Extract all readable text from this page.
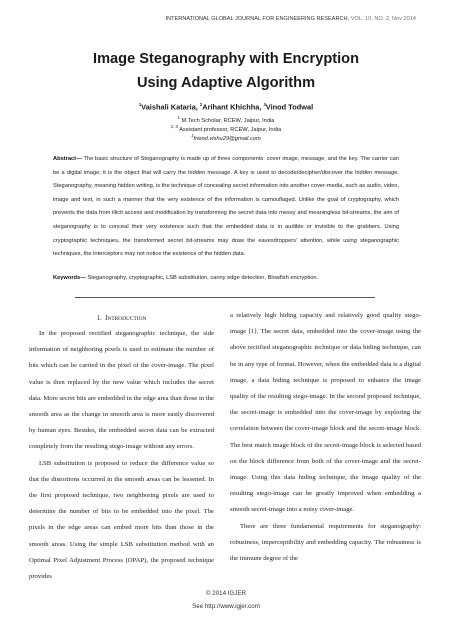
INTERNATIONAL GLOBAL JOURNAL FOR ENGINEERING RESEARCH, VOL. 10, NO. 2, Nov 2014
Image Steganography with Encryption
Using Adaptive Algorithm
$^1$Vaishali Kataria, $^2$Arihant Khichha, $^3$Vinod Todwal
$^1$ M.Tech Scholar, RCEW, Jaipur, India
$^{2, 3}$ Assistant professor, RCEW, Jaipur, India
$^1$friend.vishu29@gmail.com
Abstract— The basic structure of Steganography is made up of three components: cover image, message, and the key. The carrier can be a digital image; it is the object that will carry the hidden message. A key is used to decode/decipher/discover the hidden message. Steganography, meaning hidden writing, is the technique of concealing secret information into another cover-media, such as audio, video, image and text, in such a manner that the very existence of the information is camouflaged. Unlike the goal of cryptography, which prevents the data from illicit access and modification by transforming the secret data into messy and meaningless bit-streams, the aim of steganography is to conceal their very existence such that the embedded data is in audible or invisible to the grabbers. Using cryptographic techniques, the transformed secret bit-streams may draw the eavesdroppers' attention, while using steganographic techniques, the interceptors may not notice the existence of the hidden data.
Keywords— Steganography, cryptographic, LSB substitution, canny edge detection, Blowfish encryption.
1. INTRODUCTION

In the proposed rectified steganographic technique, the side information of neighboring pixels is used to estimate the number of bits which can be carried in the pixel of the cover-image. The pixel value is then replaced by the new value which includes the secret data. More secret bits are embedded in the edge area than those in the smooth area as the change in smooth area is more easily discovered by human eyes. Besides, the embedded secret data can be extracted completely from the resulting stego-image without any errors.

LSB substitution is proposed to reduce the difference value so that the distortions occurred in the smooth areas can be lessened. In the first proposed technique, two neighboring pixels are used to determine the number of bits to be embedded into the pixel. The pixels in the edge areas can embed more bits than those in the smooth areas. Using the simple LSB substitution method with an Optimal Pixel Adjustment Process (OPAP), the proposed technique provides

a relatively high hiding capacity and relatively good quality stego-image [1]. The secret data, embedded into the cover-image using the above rectified steganographic technique or data hiding technique, can be in any type of format. However, when the embedded data is a digital image, a data hiding technique is proposed to enhance the image quality of the resulting stego-image. In the second proposed technique, the secret-image is embedded into the cover-image by exploring the correlation between the cover-image block and the secret-image block. The best match image block of the secret-image block is selected based on the block difference from both of the cover-image and the secret-image. Using this data hiding technique, the image quality of the resulting stego-image can be greatly improved when embedding a smooth secret-image into a noisy cover-image.

There are three fundamental requirements for steganography: robustness, imperceptibility and embedding capacity. The robustness is the immune degree of the

© 2014 IGJER
See http://www.igjer.com
